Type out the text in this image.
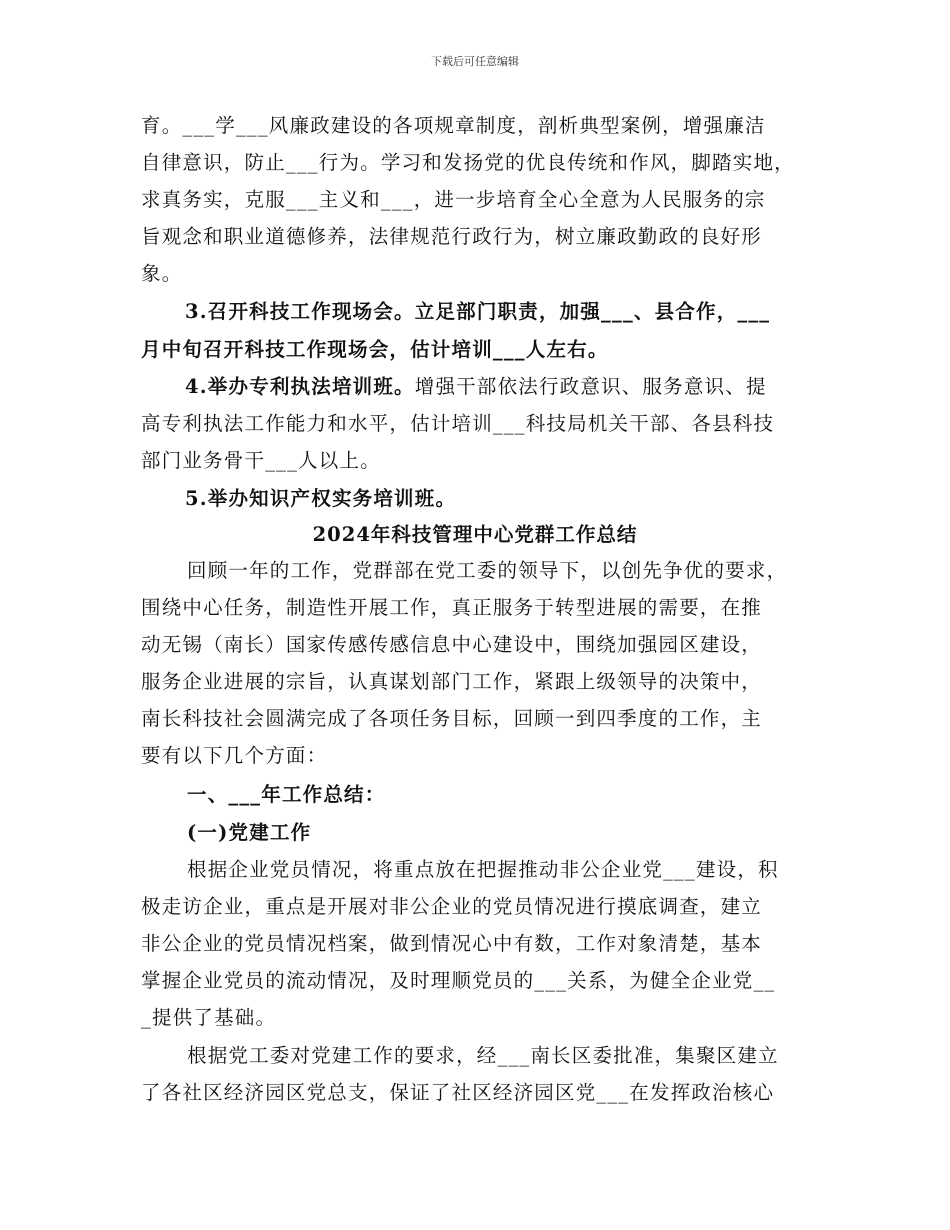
下载后可任意编辑
育。___学___风廉政建设的各项规章制度，剖析典型案例，增强廉洁
自律意识，防止___行为。学习和发扬党的优良传统和作风，脚踏实地，
求真务实，克服___主义和___，进一步培育全心全意为人民服务的宗
旨观念和职业道德修养，法律规范行政行为，树立廉政勤政的良好形
象。
3.召开科技工作现场会。立足部门职责，加强___、县合作，___
月中旬召开科技工作现场会，估计培训___人左右。
4.举办专利执法培训班。增强干部依法行政意识、服务意识、提
高专利执法工作能力和水平，估计培训___科技局机关干部、各县科技
部门业务骨干___人以上。
5.举办知识产权实务培训班。
2024年科技管理中心党群工作总结
回顾一年的工作，党群部在党工委的领导下，以创先争优的要求，
围绕中心任务，制造性开展工作，真正服务于转型进展的需要，在推
动无锡（南长）国家传感传感信息中心建设中，围绕加强园区建设，
服务企业进展的宗旨，认真谋划部门工作，紧跟上级领导的决策中，
南长科技社会圆满完成了各项任务目标，回顾一到四季度的工作，主
要有以下几个方面：
一、___年工作总结：
(一)党建工作
根据企业党员情况，将重点放在把握推动非公企业党___建设，积
极走访企业，重点是开展对非公企业的党员情况进行摸底调查，建立
非公企业的党员情况档案，做到情况心中有数，工作对象清楚，基本
掌握企业党员的流动情况，及时理顺党员的___关系，为健全企业党__
_提供了基础。
根据党工委对党建工作的要求，经___南长区委批准，集聚区建立
了各社区经济园区党总支，保证了社区经济园区党___在发挥政治核心
